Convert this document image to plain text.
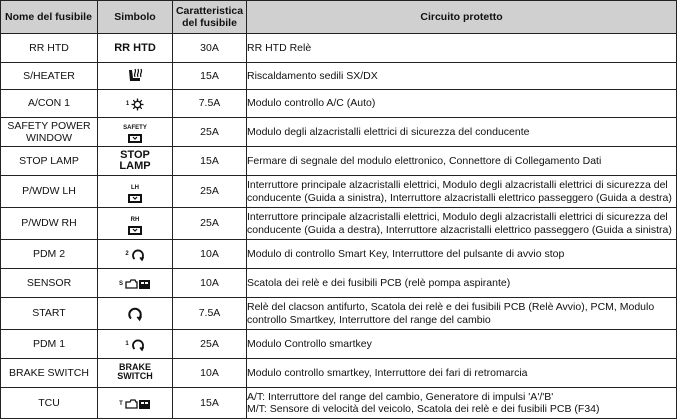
Nome del fusibile	Simbolo	Caratteristica del fusibile	Circuito protetto
RR HTD	RR HTD	30A	RR HTD Relè
S/HEATER		15A	Riscaldamento sedili SX/DX
A/CON 1	1	7.5A	Modulo controllo A/C (Auto)
SAFETY POWER WINDOW	SAFETY	25A	Modulo degli alzacristalli elettrici di sicurezza del conducente
STOP LAMP	STOP LAMP	15A	Fermare di segnale del modulo elettronico, Connettore di Collegamento Dati
P/WDW LH	LH	25A	Interruttore principale alzacristalli elettrici, Modulo degli alzacristalli elettrici di sicurezza del conducente (Guida a sinistra), Interruttore alzacristalli elettrico passeggero (Guida a destra)
P/WDW RH	RH	25A	Interruttore principale alzacristalli elettrici, Modulo degli alzacristalli elettrici di sicurezza del conducente (Guida a destra), Interruttore alzacristalli elettrico passeggero (Guida a sinistra)
PDM 2	2	10A	Modulo di controllo Smart Key, Interruttore del pulsante di avvio stop
SENSOR	S	10A	Scatola dei relè e dei fusibili PCB (relè pompa aspirante)
START		7.5A	Relè del clacson antifurto, Scatola dei relè e dei fusibili PCB (Relè Avvio), PCM, Modulo controllo Smartkey, Interruttore del range del cambio
PDM 1	1	25A	Modulo Controllo smartkey
BRAKE SWITCH	BRAKE SWITCH	10A	Modulo controllo smartkey, Interruttore dei fari di retromarcia
TCU	T	15A	A/T: Interruttore del range del cambio, Generatore di impulsi 'A'/'B'
M/T: Sensore di velocità del veicolo, Scatola dei relè e dei fusibili PCB (F34)
